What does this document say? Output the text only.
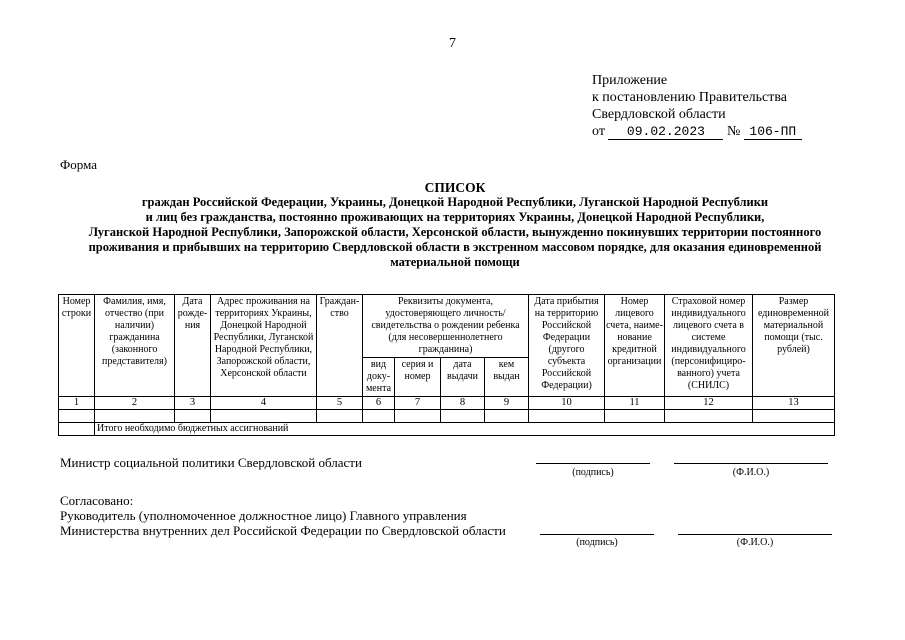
7
Приложение
к постановлению Правительства
Свердловской области
от 09.02.2023 № 106-ПП
Форма
СПИСОК
граждан Российской Федерации, Украины, Донецкой Народной Республики, Луганской Народной Республики
и лиц без гражданства, постоянно проживающих на территориях Украины, Донецкой Народной Республики,
Луганской Народной Республики, Запорожской области, Херсонской области, вынужденно покинувших территории постоянного
проживания и прибывших на территорию Свердловской области в экстренном массовом порядке, для оказания единовременной
материальной помощи
Номер строки	Фамилия, имя, отчество (при наличии) гражданина (законного представителя)	Дата рожде-ния	Адрес проживания на территориях Украины, Донецкой Народной Республики, Луганской Народной Республики, Запорожской области, Херсонской области	Граждан-ство	Реквизиты документа, удостоверяющего личность/ свидетельства о рождении ребенка (для несовершеннолетнего гражданина)				Дата прибытия на территорию Российской Федерации (другого субъекта Российской Федерации)	Номер лицевого счета, наиме-нование кредитной организации	Страховой номер индивидуального лицевого счета в системе индивидуального (персонифициро-ванного) учета (СНИЛС)	Размер единовременной материальной помощи (тыс. рублей)
					вид доку-мента	серия и номер	дата выдачи	кем выдан				
1	2	3	4	5	6	7	8	9	10	11	12	13

	Итого необходимо бюджетных ассигнований											
Министр социальной политики Свердловской области
(подпись)	(Ф.И.О.)
Согласовано:
Руководитель (уполномоченное должностное лицо) Главного управления
Министерства внутренних дел Российской Федерации по Свердловской области
(подпись)	(Ф.И.О.)
